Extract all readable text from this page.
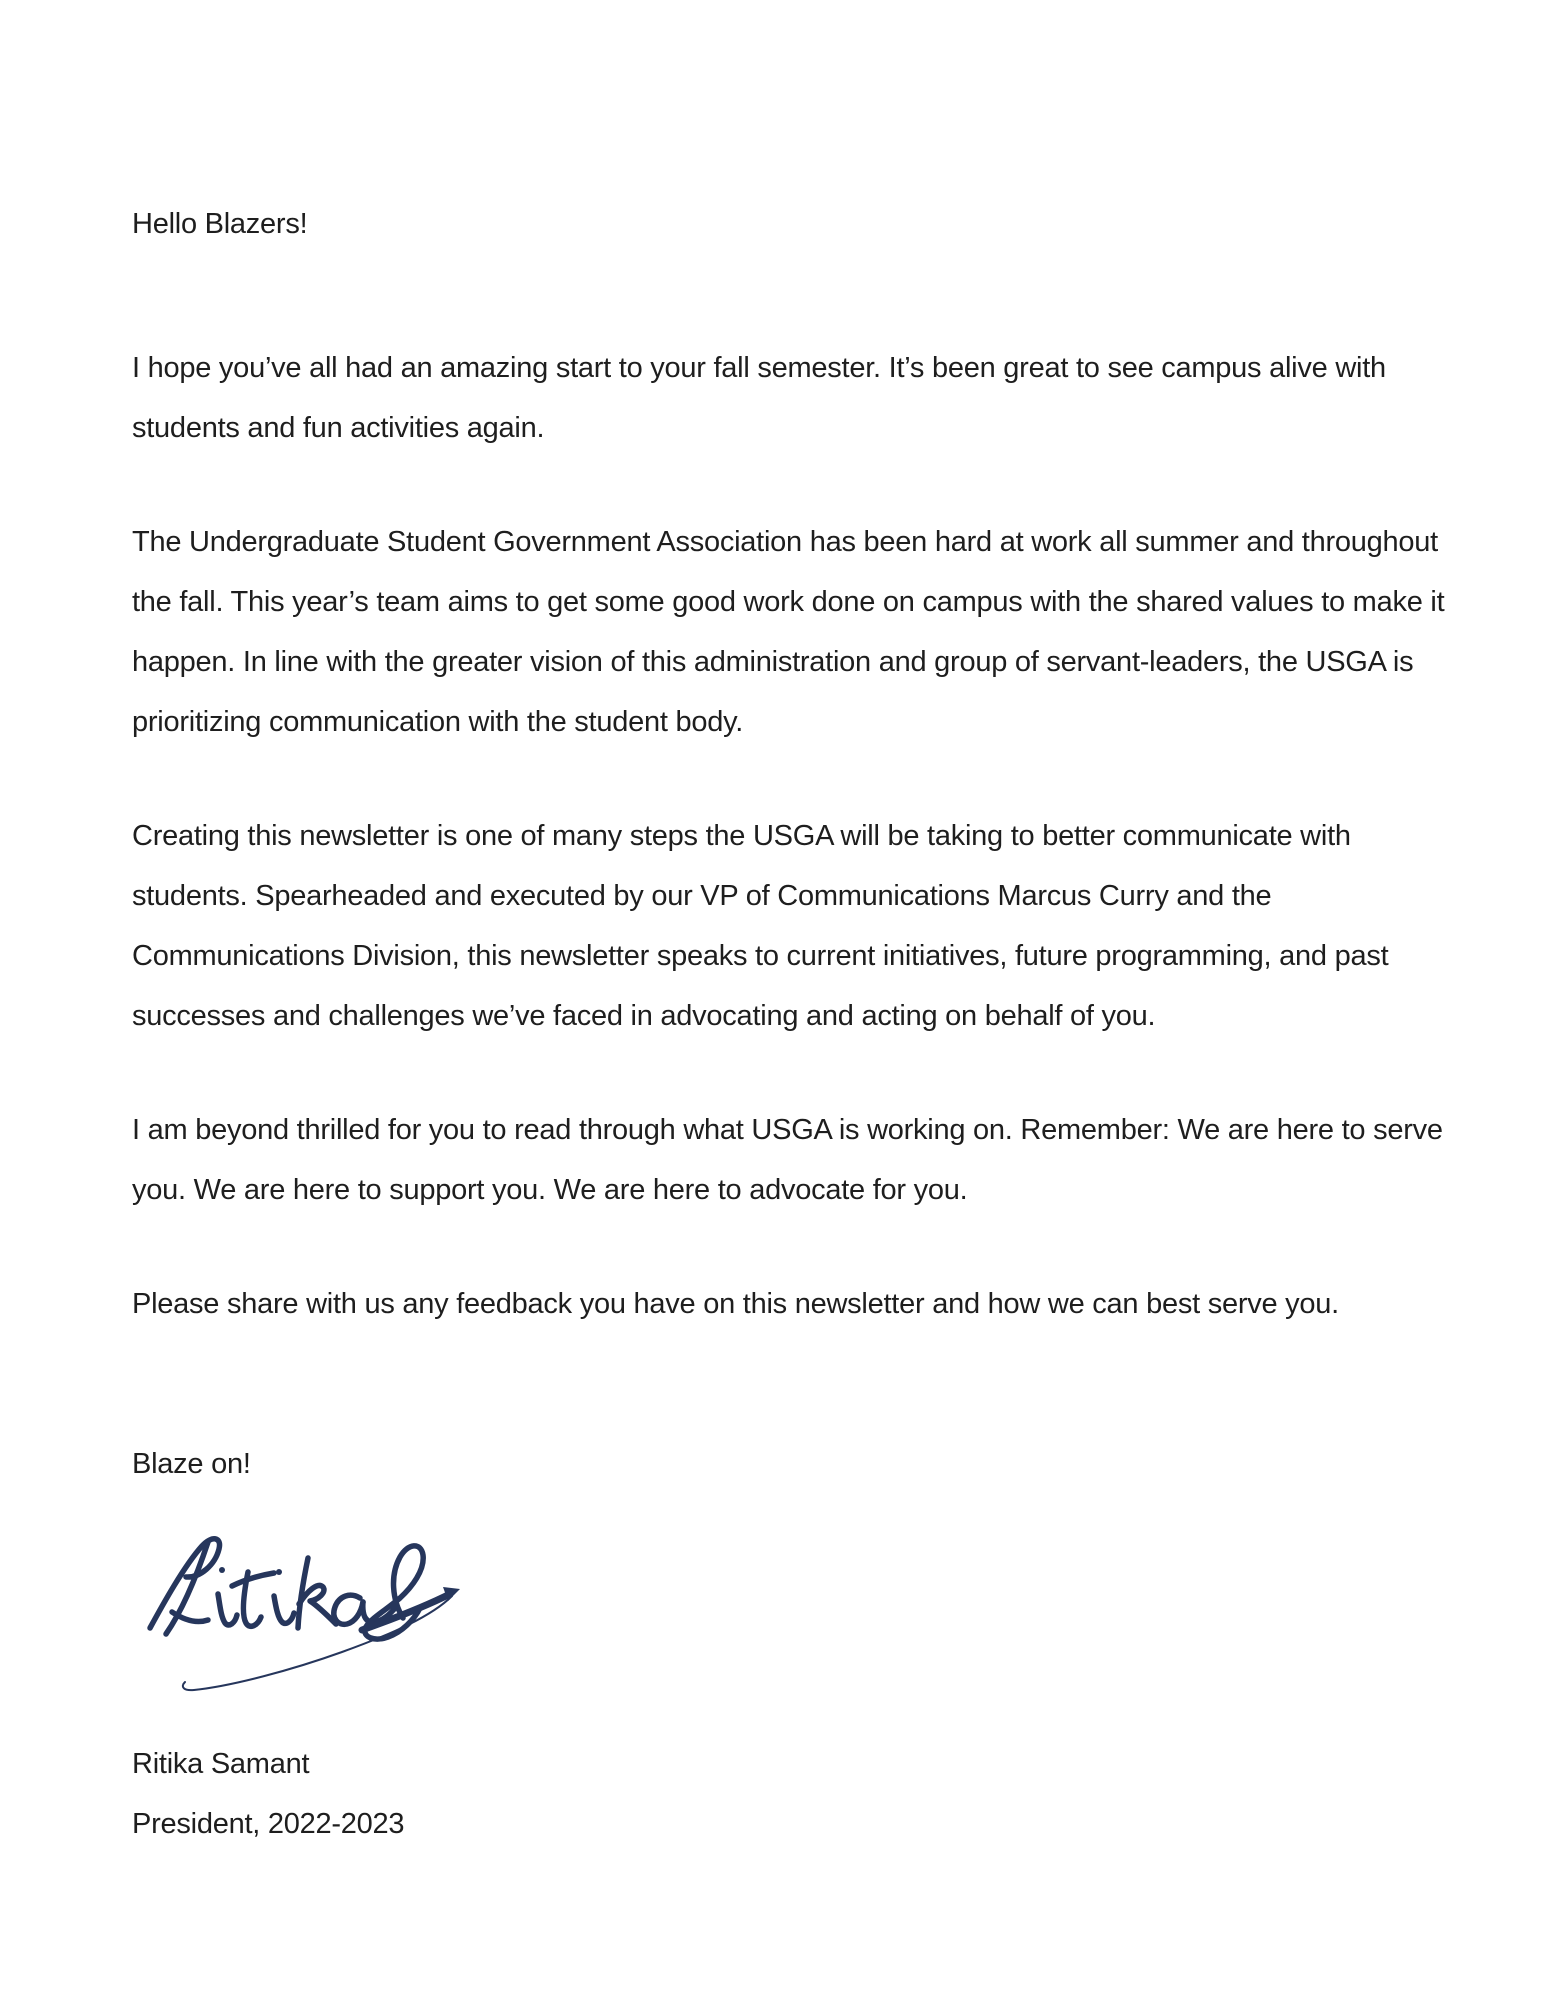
Hello Blazers!

I hope you’ve all had an amazing start to your fall semester. It’s been great to see campus alive with students and fun activities again.

The Undergraduate Student Government Association has been hard at work all summer and throughout the fall. This year’s team aims to get some good work done on campus with the shared values to make it happen. In line with the greater vision of this administration and group of servant-leaders, the USGA is prioritizing communication with the student body.

Creating this newsletter is one of many steps the USGA will be taking to better communicate with students. Spearheaded and executed by our VP of Communications Marcus Curry and the Communications Division, this newsletter speaks to current initiatives, future programming, and past successes and challenges we’ve faced in advocating and acting on behalf of you.

I am beyond thrilled for you to read through what USGA is working on. Remember: We are here to serve you. We are here to support you. We are here to advocate for you.

Please share with us any feedback you have on this newsletter and how we can best serve you.

Blaze on!

Ritika Samant
President, 2022-2023
